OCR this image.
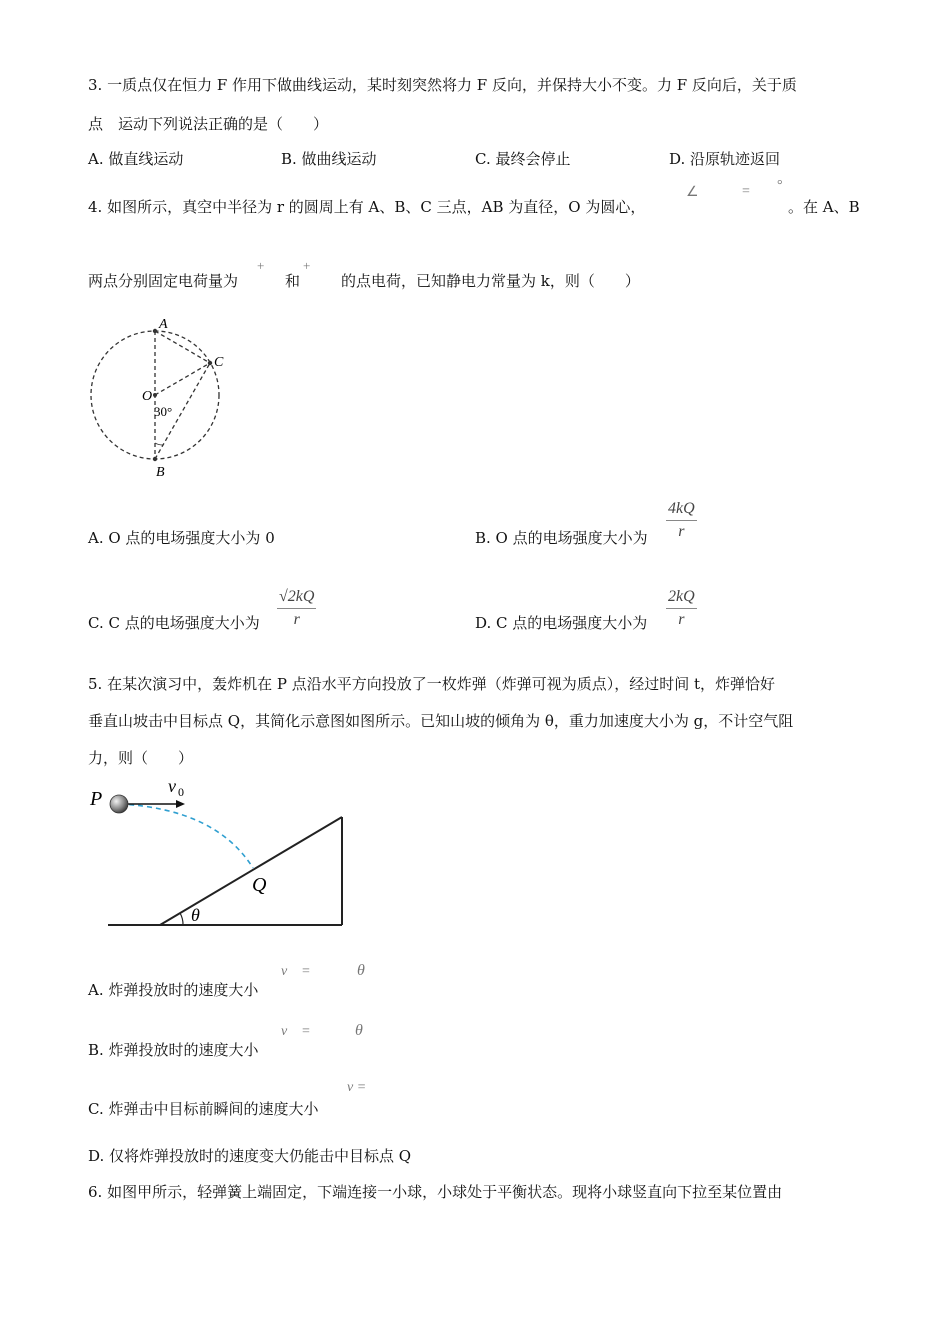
3. 一质点仅在恒力 F 作用下做曲线运动，某时刻突然将力 F 反向，并保持大小不变。力 F 反向后，关于质
点　运动下列说法正确的是（　　）
A. 做直线运动	B. 做曲线运动	C. 最终会停止	D. 沿原轨迹返回
4. 如图所示，真空中半径为 r 的圆周上有 A、B、C 三点，AB 为直径，O 为圆心，
∠	= °
。在 A、B
两点分别固定电荷量为
+
和
+
的点电荷，已知静电力常量为 k，则（　　）
A
B
C
O
30°
A. O 点的电场强度大小为 0	B. O 点的电场强度大小为 $\frac{4kQ}{r}$
C. C 点的电场强度大小为 $\frac{√2kQ}{r}$	D. C 点的电场强度大小为 $\frac{2kQ}{r}$
5. 在某次演习中，轰炸机在 P 点沿水平方向投放了一枚炸弹（炸弹可视为质点），经过时间 t，炸弹恰好
垂直山坡击中目标点 Q，其简化示意图如图所示。已知山坡的倾角为 θ，重力加速度大小为 g，不计空气阻
力，则（　　）
P
v 0
Q
θ
A. 炸弹投放时的速度大小
v =	θ
B. 炸弹投放时的速度大小
v =	θ
C. 炸弹击中目标前瞬间的速度大小
v =
D. 仅将炸弹投放时的速度变大仍能击中目标点 Q
6. 如图甲所示，轻弹簧上端固定，下端连接一小球，小球处于平衡状态。现将小球竖直向下拉至某位置由
